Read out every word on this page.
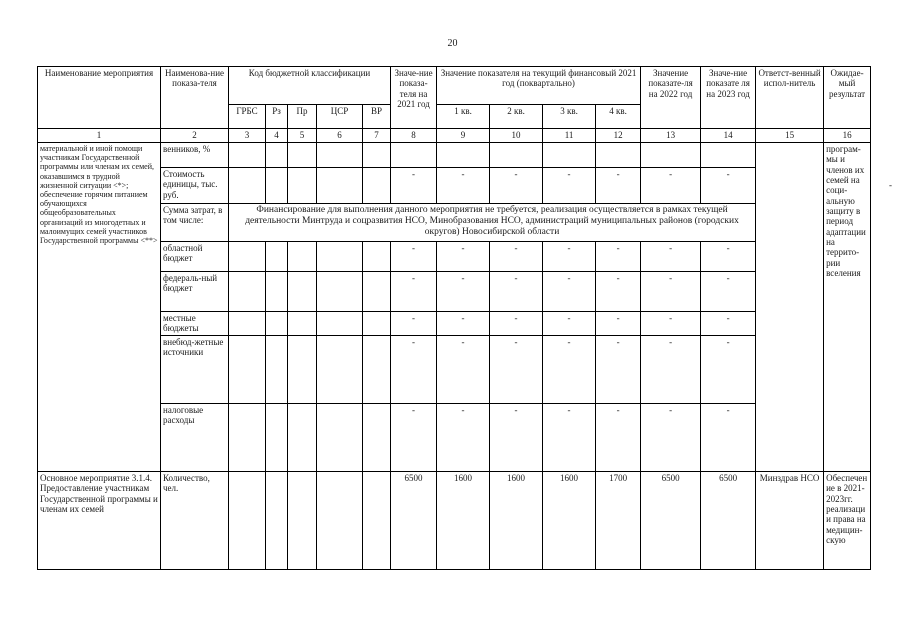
20
Наименование мероприятия	Наименова-ние показа-теля	Код бюджетной классификации					Значе-ние показа-теля на 2021 год	Значение показателя на текущий финансовый 2021 год (поквартально)				Значение показате-ля на 2022 год	Значе-ние показате ля на 2023 год	Ответст-венный испол-нитель	Ожидае-мый результат
		ГРБС	Рз	Пр	ЦСР	ВР		1 кв.	2 кв.	3 кв.	4 кв.				
1	2	3	4	5	6	7	8	9	10	11	12	13	14	15	16
материальной и иной помощи участникам Государственной программы или членам их семей, оказавшимся в трудной жизненной ситуации <*>; обеспечение горячим питанием обучающихся общеобразовательных организаций из многодетных и малоимущих семей участников Государственной программы <**>	венников, %														програм-мы и членов их семей на соци-альную защиту в период адаптации на террито-рии вселения
	Стоимость единицы, тыс. руб.						-	-	-	-	-	-	-		
	Сумма затрат, в том числе:	Финансирование для выполнения данного мероприятия не требуется, реализация осуществляется в рамках текущей деятельности Минтруда и соцразвития НСО, Минобразования НСО, администраций муниципальных районов (городских округов) Новосибирской области													
	областной бюджет						-	-	-	-	-	-	-		
	федераль-ный бюджет						-	-	-	-	-	-	-		
	местные бюджеты						-	-	-	-	-	-	-		
	внебюд-жетные источники						-	-	-	-	-	-	-		
	налоговые расходы						-	-	-	-	-	-	-		
Основное мероприятие 3.1.4. Предоставление участникам Государственной программы и членам их семей	Количество, чел.						6500	1600	1600	1600	1700	6500	6500	Минздрав НСО	Обеспечен ие в 2021-2023гг. реализаци и права на медицин-скую
-
